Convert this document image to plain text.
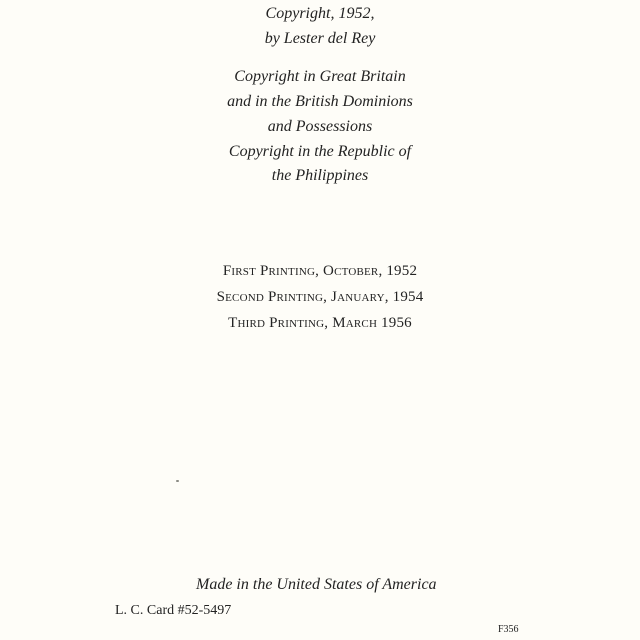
Copyright, 1952,
by Lester del Rey
Copyright in Great Britain
and in the British Dominions
and Possessions
Copyright in the Republic of
the Philippines
First Printing, October, 1952
Second Printing, January, 1954
Third Printing, March 1956
Made in the United States of America
L. C. Card #52-5497
F356
